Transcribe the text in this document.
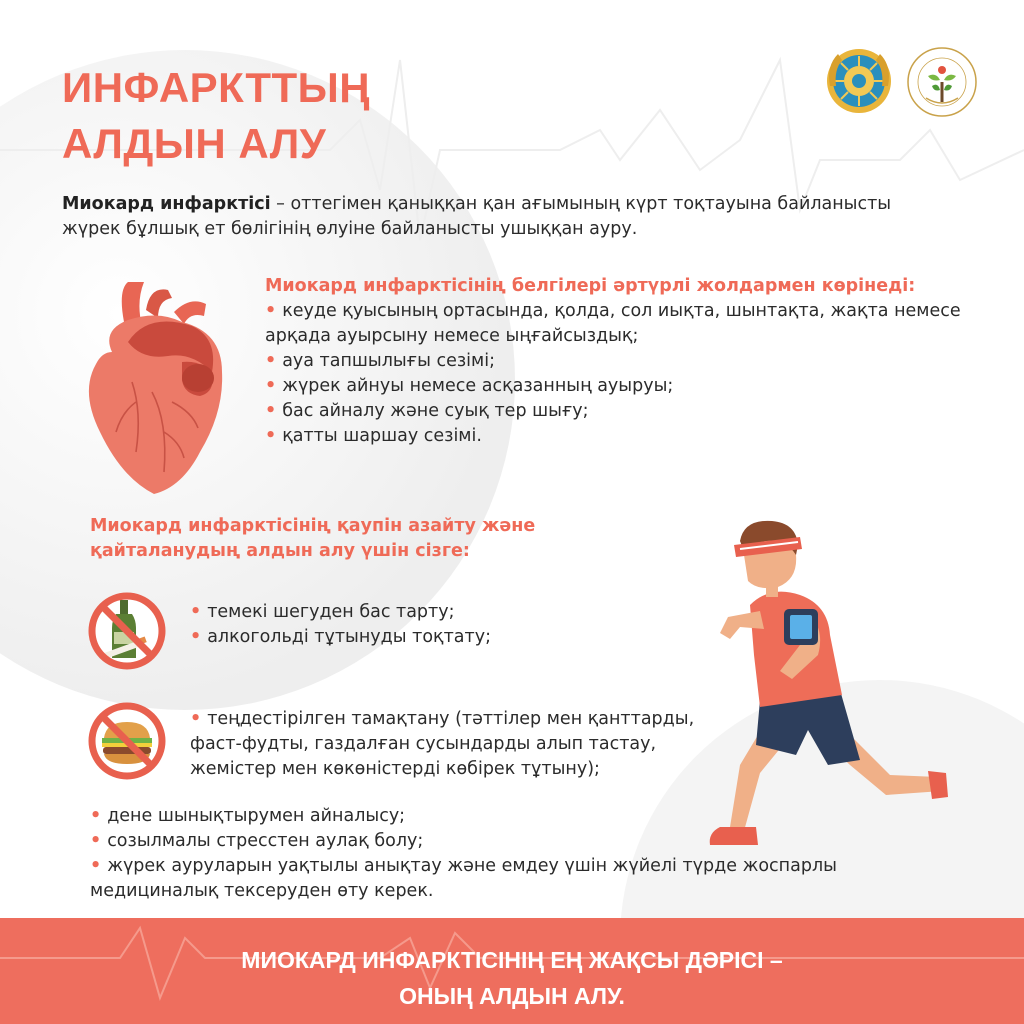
ИНФАРКТТЫҢ
АЛДЫН АЛУ

Миокард инфарктісі – оттегімен қаныққан қан ағымының күрт тоқтауына байланысты жүрек бұлшық ет бөлігінің өлуіне байланысты ушыққан ауру.

Миокард инфарктісінің белгілері әртүрлі жолдармен көрінеді:

• кеуде қуысының ортасында, қолда, сол иықта, шынтақта, жақта немесе арқада ауырсыну немесе ыңғайсыздық;
• ауа тапшылығы сезімі;
• жүрек айнуы немесе асқазанның ауыруы;
• бас айналу және суық тер шығу;
• қатты шаршау сезімі.

Миокард инфарктісінің қаупін азайту және

қайталанудың алдын алу үшін сізге:

• темекі шегуден бас тарту;
• алкогольді тұтынуды тоқтату;
• теңдестірілген тамақтану (тәттілер мен қанттарды,
фаст-фудты, газдалған сусындарды алып тастау,
жемістер мен көкөністерді көбірек тұтыну);
• дене шынықтырумен айналысу;
• созылмалы стресстен аулақ болу;
• жүрек ауруларын уақтылы анықтау және емдеу үшін жүйелі түрде жоспарлы медициналық тексеруден өту керек.
МИОКАРД ИНФАРКТІСІНІҢ ЕҢ ЖАҚСЫ ДӘРІСІ –
ОНЫҢ АЛДЫН АЛУ.
